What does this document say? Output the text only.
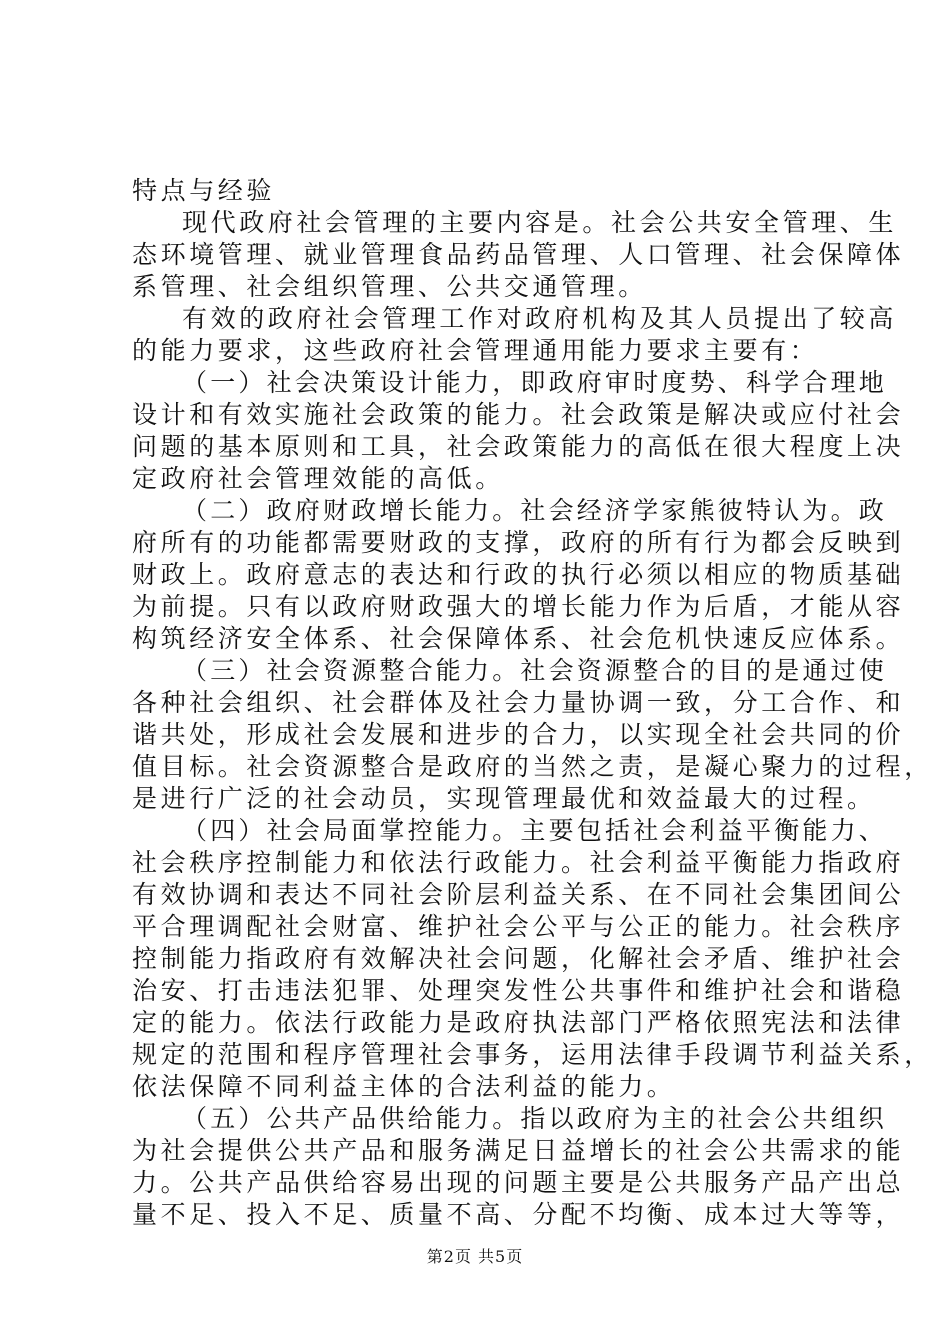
特点与经验
现代政府社会管理的主要内容是。社会公共安全管理、生
态环境管理、就业管理食品药品管理、人口管理、社会保障体
系管理、社会组织管理、公共交通管理。
有效的政府社会管理工作对政府机构及其人员提出了较高
的能力要求，这些政府社会管理通用能力要求主要有：
（一）社会决策设计能力，即政府审时度势、科学合理地
设计和有效实施社会政策的能力。社会政策是解决或应付社会
问题的基本原则和工具，社会政策能力的高低在很大程度上决
定政府社会管理效能的高低。
（二）政府财政增长能力。社会经济学家熊彼特认为。政
府所有的功能都需要财政的支撑，政府的所有行为都会反映到
财政上。政府意志的表达和行政的执行必须以相应的物质基础
为前提。只有以政府财政强大的增长能力作为后盾，才能从容
构筑经济安全体系、社会保障体系、社会危机快速反应体系。
（三）社会资源整合能力。社会资源整合的目的是通过使
各种社会组织、社会群体及社会力量协调一致，分工合作、和
谐共处，形成社会发展和进步的合力，以实现全社会共同的价
值目标。社会资源整合是政府的当然之责，是凝心聚力的过程，
是进行广泛的社会动员，实现管理最优和效益最大的过程。
（四）社会局面掌控能力。主要包括社会利益平衡能力、
社会秩序控制能力和依法行政能力。社会利益平衡能力指政府
有效协调和表达不同社会阶层利益关系、在不同社会集团间公
平合理调配社会财富、维护社会公平与公正的能力。社会秩序
控制能力指政府有效解决社会问题，化解社会矛盾、维护社会
治安、打击违法犯罪、处理突发性公共事件和维护社会和谐稳
定的能力。依法行政能力是政府执法部门严格依照宪法和法律
规定的范围和程序管理社会事务，运用法律手段调节利益关系，
依法保障不同利益主体的合法利益的能力。
（五）公共产品供给能力。指以政府为主的社会公共组织
为社会提供公共产品和服务满足日益增长的社会公共需求的能
力。公共产品供给容易出现的问题主要是公共服务产品产出总
量不足、投入不足、质量不高、分配不均衡、成本过大等等，
第2页 共5页
